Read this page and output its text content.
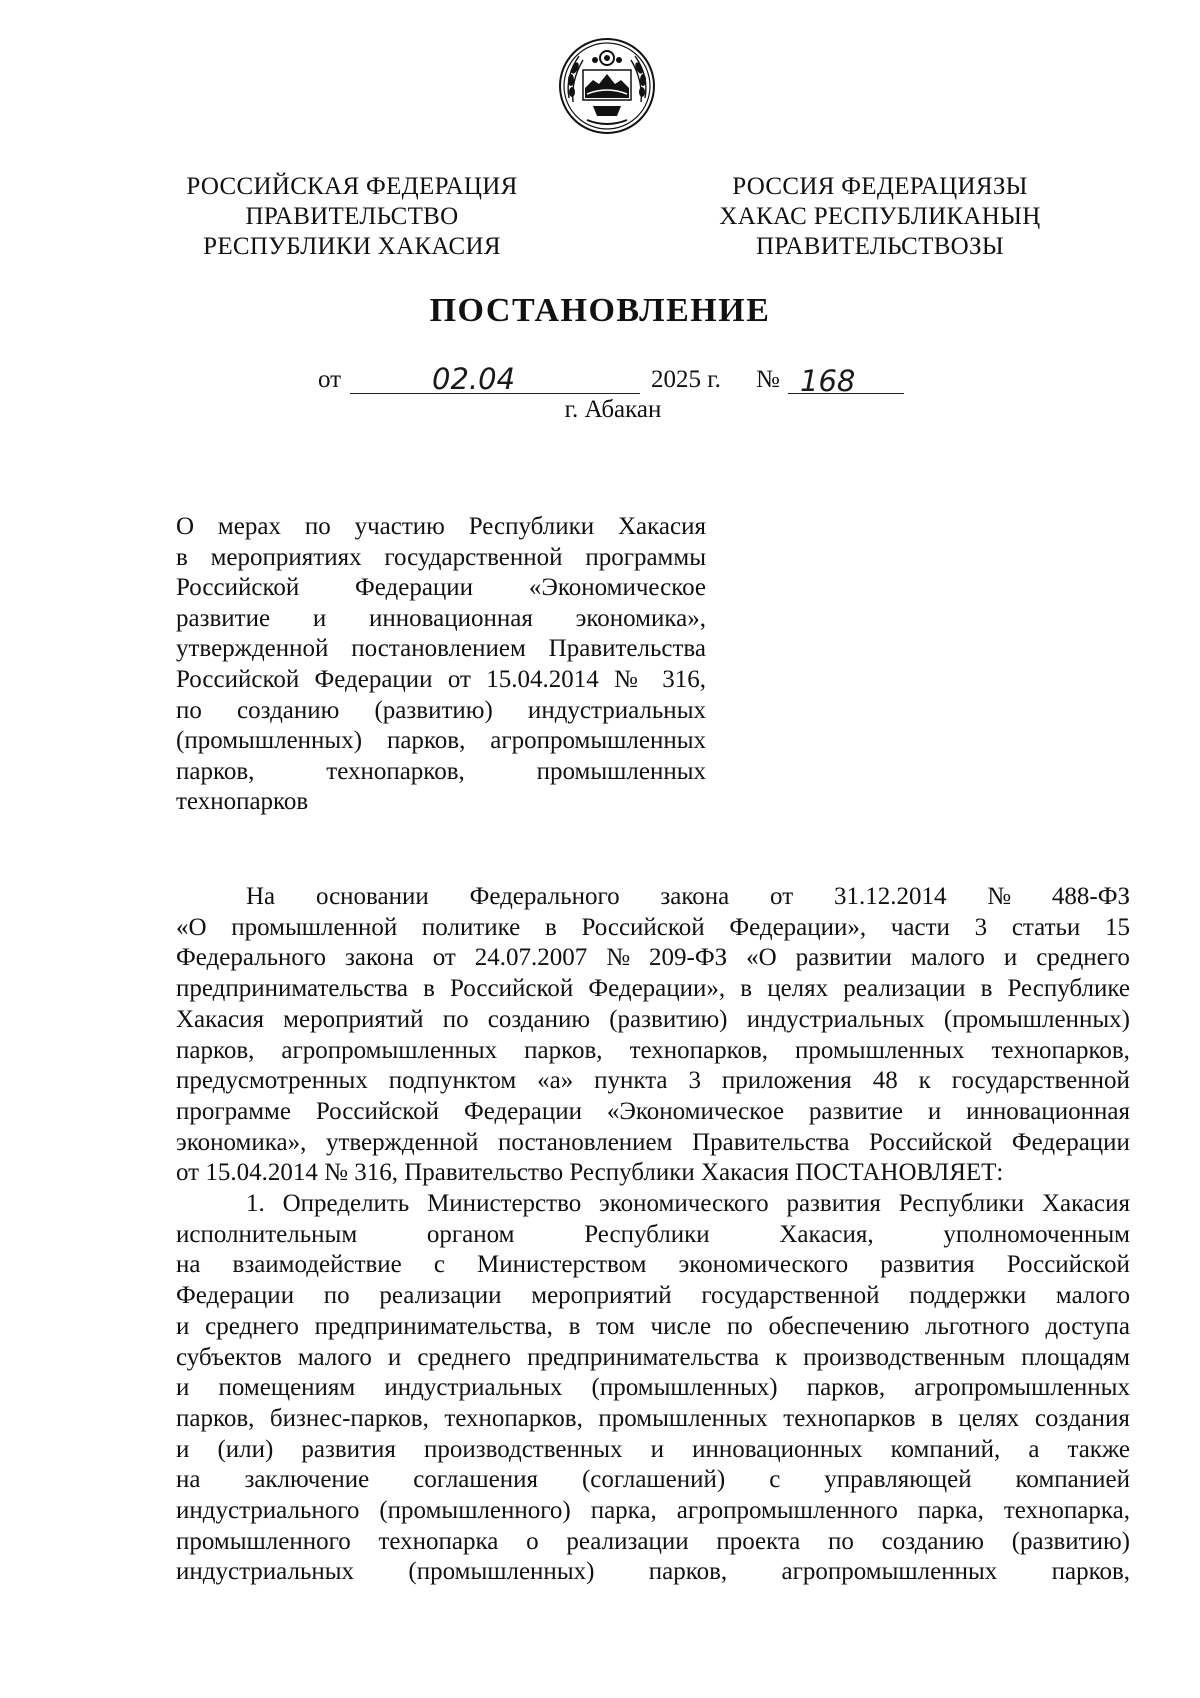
РОССИЙСКАЯ ФЕДЕРАЦИЯ
ПРАВИТЕЛЬСТВО
РЕСПУБЛИКИ ХАКАСИЯ
РОССИЯ ФЕДЕРАЦИЯЗЫ
ХАКАС РЕСПУБЛИКАНЫҢ
ПРАВИТЕЛЬСТВОЗЫ
ПОСТАНОВЛЕНИЕ
от	02.04	2025 г. № 168
г. Абакан
О мерах по участию Республики Хакасия
в мероприятиях государственной программы
Российской Федерации «Экономическое
развитие и инновационная экономика»,
утвержденной постановлением Правительства
Российской Федерации от 15.04.2014 № 316,
по созданию (развитию) индустриальных
(промышленных) парков, агропромышленных
парков, технопарков, промышленных
технопарков
На основании Федерального закона от 31.12.2014 № 488-ФЗ
«О промышленной политике в Российской Федерации», части 3 статьи 15
Федерального закона от 24.07.2007 № 209-ФЗ «О развитии малого и среднего
предпринимательства в Российской Федерации», в целях реализации в Республике
Хакасия мероприятий по созданию (развитию) индустриальных (промышленных)
парков, агропромышленных парков, технопарков, промышленных технопарков,
предусмотренных подпунктом «а» пункта 3 приложения 48 к государственной
программе Российской Федерации «Экономическое развитие и инновационная
экономика», утвержденной постановлением Правительства Российской Федерации
от 15.04.2014 № 316, Правительство Республики Хакасия ПОСТАНОВЛЯЕТ:
1. Определить Министерство экономического развития Республики Хакасия
исполнительным	органом	Республики	Хакасия,	уполномоченным
на взаимодействие с Министерством экономического развития Российской
Федерации по реализации мероприятий государственной поддержки малого
и среднего предпринимательства, в том числе по обеспечению льготного доступа
субъектов малого и среднего предпринимательства к производственным площадям
и помещениям индустриальных (промышленных) парков, агропромышленных
парков, бизнес-парков, технопарков, промышленных технопарков в целях создания
и (или) развития производственных и инновационных компаний, а также
на заключение соглашения (соглашений) с управляющей компанией
индустриального (промышленного) парка, агропромышленного парка, технопарка,
промышленного технопарка о реализации проекта по созданию (развитию)
индустриальных (промышленных) парков, агропромышленных парков,
